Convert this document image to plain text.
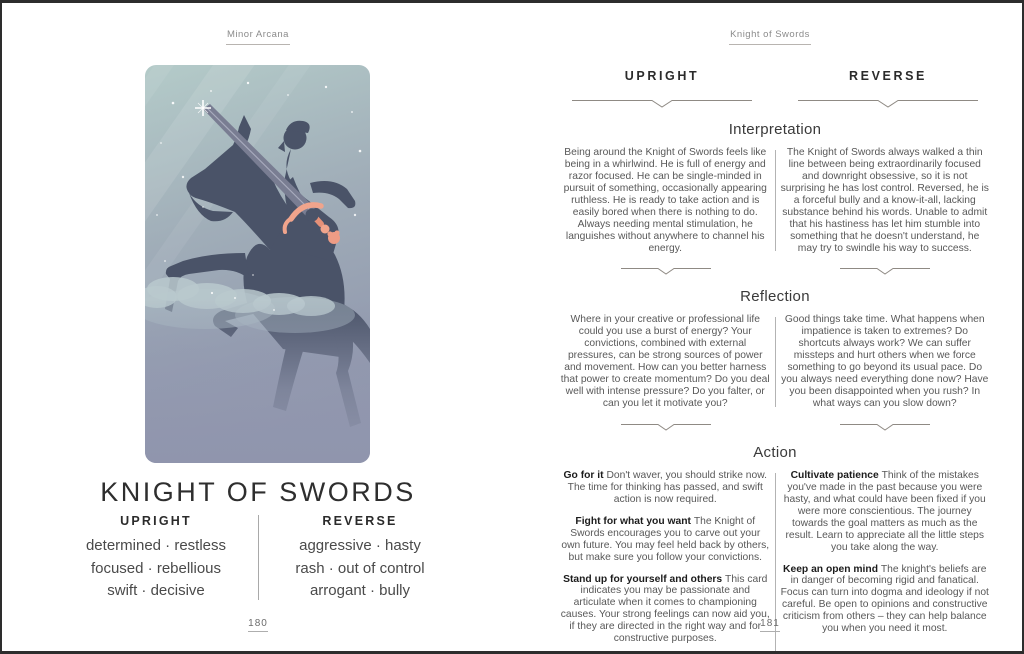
Minor Arcana
KNIGHT OF SWORDS
UPRIGHT
determined · restless
focused · rebellious
swift · decisive
REVERSE
aggressive · hasty
rash · out of control
arrogant · bully
180
Knight of Swords
UPRIGHT	REVERSE
Interpretation

Being around the Knight of Swords feels like being in a whirlwind. He is full of energy and razor focused. He can be single-minded in pursuit of something, occasionally appearing ruthless. He is ready to take action and is easily bored when there is nothing to do. Always needing mental stimulation, he languishes without anywhere to channel his energy.

The Knight of Swords always walked a thin line between being extraordinarily focused and downright obsessive, so it is not surprising he has lost control. Reversed, he is a forceful bully and a know-it-all, lacking substance behind his words. Unable to admit that his hastiness has let him stumble into something that he doesn't understand, he may try to swindle his way to success.

Reflection

Where in your creative or professional life could you use a burst of energy? Your convictions, combined with external pressures, can be strong sources of power and movement. How can you better harness that power to create momentum? Do you deal well with intense pressure? Do you falter, or can you let it motivate you?

Good things take time. What happens when impatience is taken to extremes? Do shortcuts always work? We can suffer missteps and hurt others when we force something to go beyond its usual pace. Do you always need everything done now? Have you been disappointed when you rush? In what ways can you slow down?

Action

Go for it Don't waver, you should strike now. The time for thinking has passed, and swift action is now required.

Fight for what you want The Knight of Swords encourages you to carve out your own future. You may feel held back by others, but make sure you follow your convictions.

Stand up for yourself and others This card indicates you may be passionate and articulate when it comes to championing causes. Your strong feelings can now aid you, if they are directed in the right way and for constructive purposes.

Cultivate patience Think of the mistakes you've made in the past because you were hasty, and what could have been fixed if you were more conscientious. The journey towards the goal matters as much as the result. Learn to appreciate all the little steps you take along the way.

Keep an open mind The knight's beliefs are in danger of becoming rigid and fanatical. Focus can turn into dogma and ideology if not careful. Be open to opinions and constructive criticism from others – they can help balance you when you need it most.

181
